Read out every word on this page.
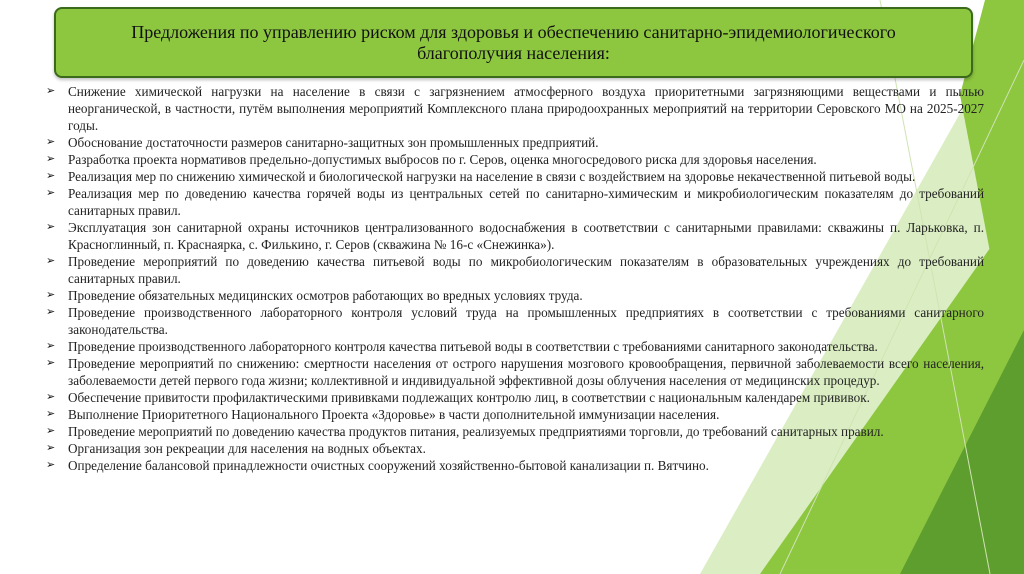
Предложения по управлению риском для здоровья и обеспечению санитарно-эпидемиологического
благополучия населения:
➢ Снижение химической нагрузки на население в связи с загрязнением атмосферного воздуха приоритетными загрязняющими веществами и пылью неорганической, в частности, путём выполнения мероприятий Комплексного плана природоохранных мероприятий на территории Серовского МО на 2025-2027 годы.
➢ Обоснование достаточности размеров санитарно-защитных зон промышленных предприятий.
➢ Разработка проекта нормативов предельно-допустимых выбросов по г. Серов, оценка многосредового риска для здоровья населения.
➢ Реализация мер по снижению химической и биологической нагрузки на население в связи с воздействием на здоровье некачественной питьевой воды.
➢ Реализация мер по доведению качества горячей воды из центральных сетей по санитарно-химическим и микробиологическим показателям до требований санитарных правил.
➢ Эксплуатация зон санитарной охраны источников централизованного водоснабжения в соответствии с санитарными правилами: скважины п. Ларьковка, п. Красноглинный, п. Краснаярка, с. Филькино, г. Серов (скважина № 16-с «Снежинка»).
➢ Проведение мероприятий по доведению качества питьевой воды по микробиологическим показателям в образовательных учреждениях до требований санитарных правил.
➢ Проведение обязательных медицинских осмотров работающих во вредных условиях труда.
➢ Проведение производственного лабораторного контроля условий труда на промышленных предприятиях в соответствии с требованиями санитарного законодательства.
➢ Проведение производственного лабораторного контроля качества питьевой воды в соответствии с требованиями санитарного законодательства.
➢ Проведение мероприятий по снижению: смертности населения от острого нарушения мозгового кровообращения, первичной заболеваемости всего населения, заболеваемости детей первого года жизни; коллективной и индивидуальной эффективной дозы облучения населения от медицинских процедур.
➢ Обеспечение привитости профилактическими прививками подлежащих контролю лиц, в соответствии с национальным календарем прививок.
➢ Выполнение Приоритетного Национального Проекта «Здоровье» в части дополнительной иммунизации населения.
➢ Проведение мероприятий по доведению качества продуктов питания, реализуемых предприятиями торговли, до требований санитарных правил.
➢ Организация зон рекреации для населения на водных объектах.
➢ Определение балансовой принадлежности очистных сооружений хозяйственно-бытовой канализации п. Вятчино.
